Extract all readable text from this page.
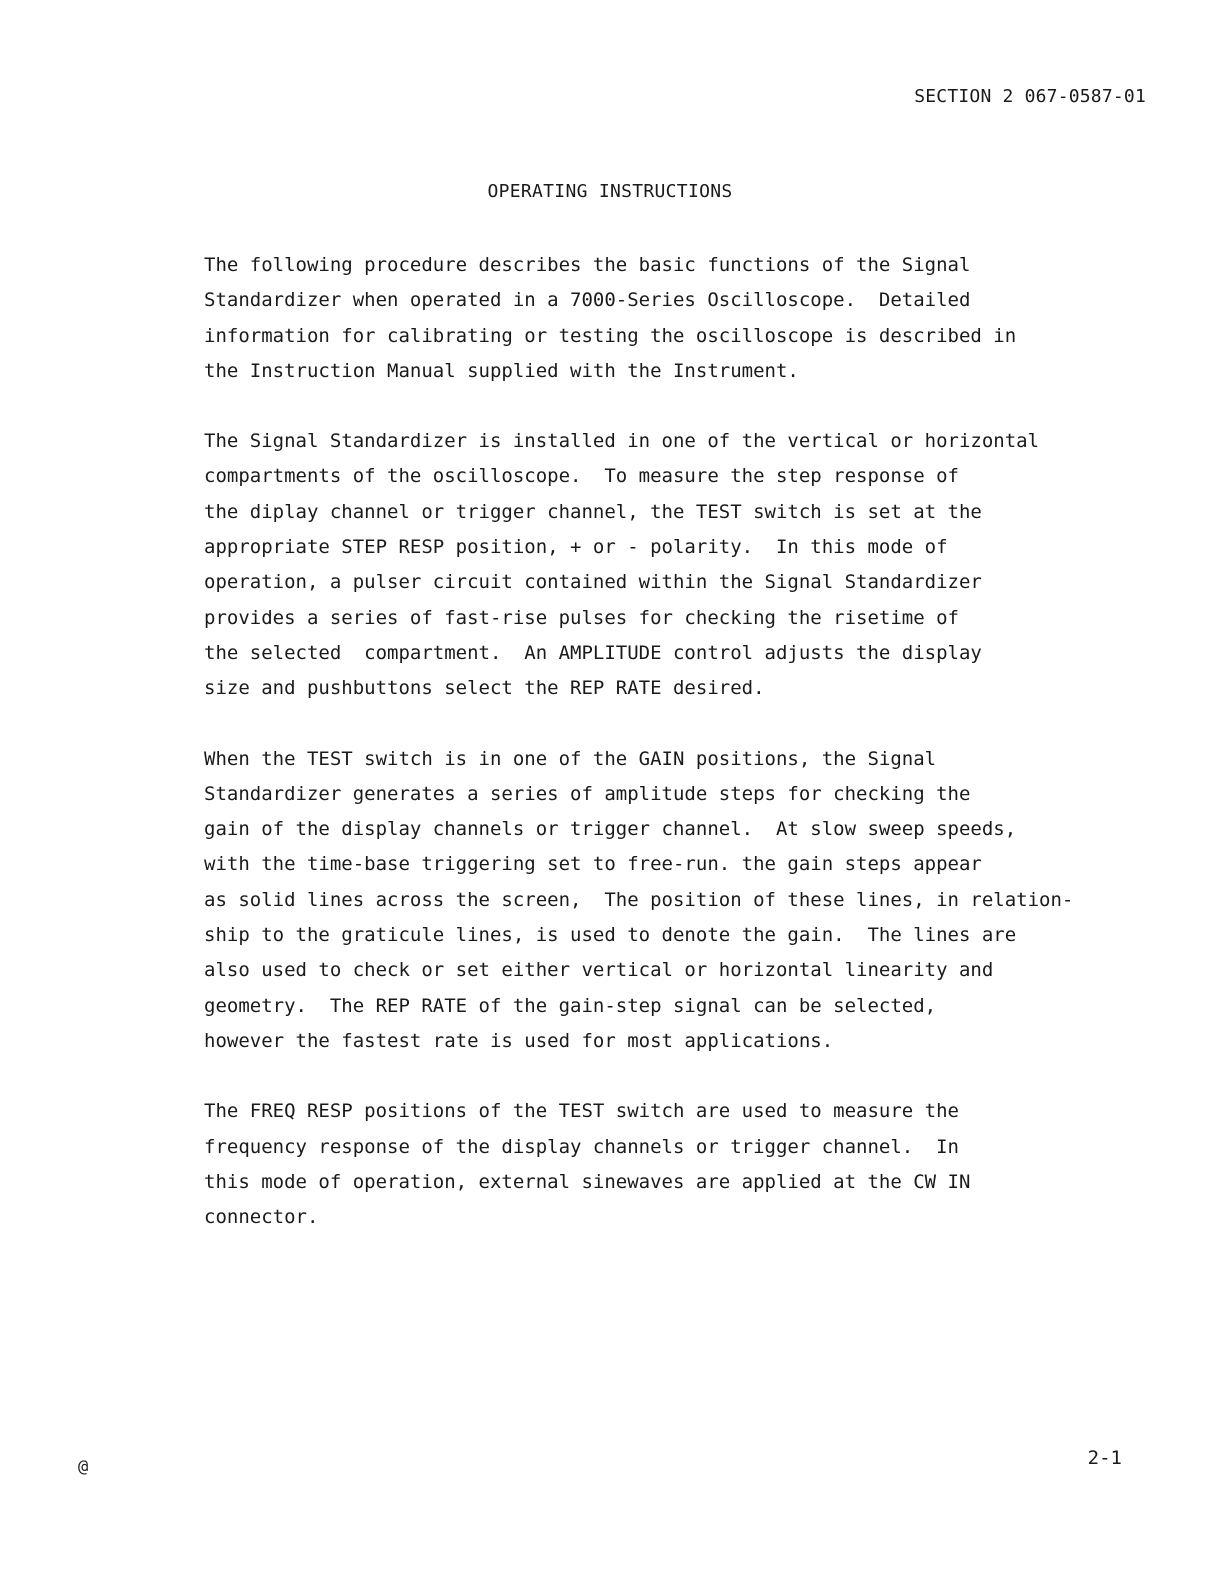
SECTION 2 067-0587-01
OPERATING INSTRUCTIONS
The following procedure describes the basic functions of the Signal
Standardizer when operated in a 7000-Series Oscilloscope.  Detailed
information for calibrating or testing the oscilloscope is described in
the Instruction Manual supplied with the Instrument.
The Signal Standardizer is installed in one of the vertical or horizontal
compartments of the oscilloscope.  To measure the step response of
the diplay channel or trigger channel, the TEST switch is set at the
appropriate STEP RESP position, + or - polarity.  In this mode of
operation, a pulser circuit contained within the Signal Standardizer
provides a series of fast-rise pulses for checking the risetime of
the selected  compartment.  An AMPLITUDE control adjusts the display
size and pushbuttons select the REP RATE desired.
When the TEST switch is in one of the GAIN positions, the Signal
Standardizer generates a series of amplitude steps for checking the
gain of the display channels or trigger channel.  At slow sweep speeds,
with the time-base triggering set to free-run. the gain steps appear
as solid lines across the screen,  The position of these lines, in relation-
ship to the graticule lines, is used to denote the gain.  The lines are
also used to check or set either vertical or horizontal linearity and
geometry.  The REP RATE of the gain-step signal can be selected,
however the fastest rate is used for most applications.
The FREQ RESP positions of the TEST switch are used to measure the
frequency response of the display channels or trigger channel.  In
this mode of operation, external sinewaves are applied at the CW IN
connector.
@	2-1
